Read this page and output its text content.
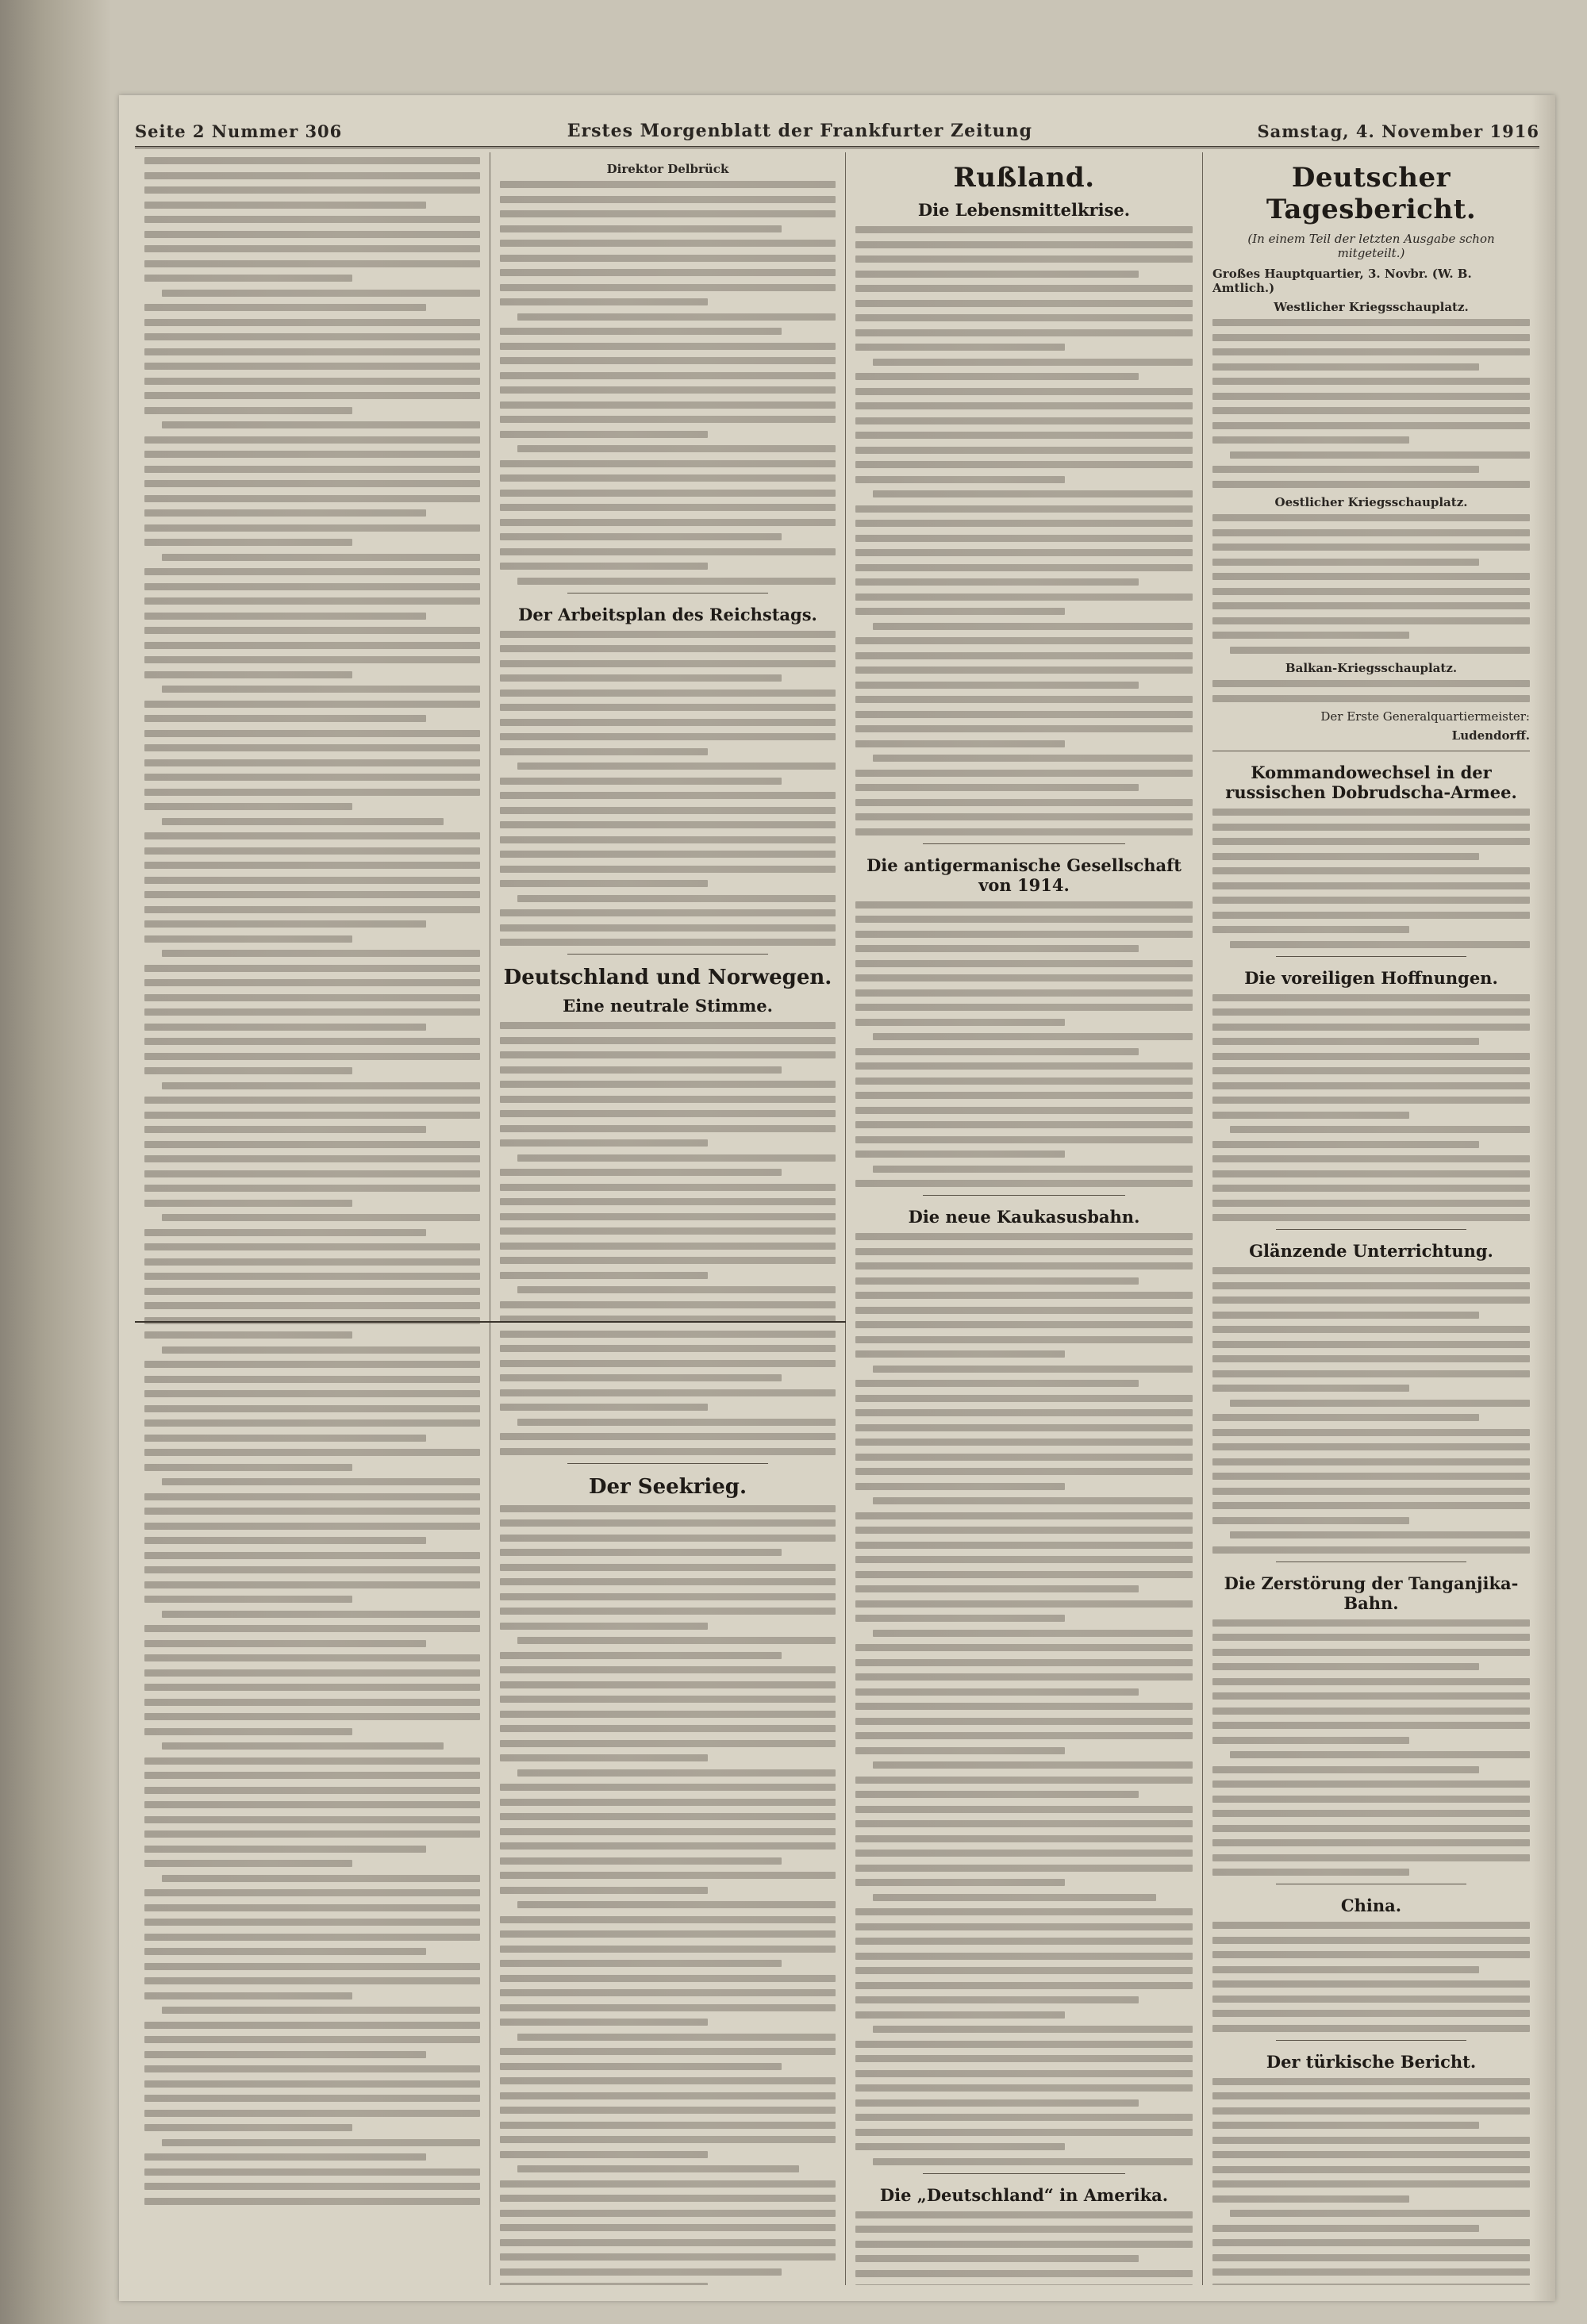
Seite 2 Nummer 306	Erstes Morgenblatt der Frankfurter Zeitung	Samstag, 4. November 1916
Direktor Delbrück
Der Arbeitsplan des Reichstags.
Deutschland und Norwegen.
Eine neutrale Stimme.
Der Seekrieg.
Rußland.
Die Lebensmittelkrise.
Die antigermanische Gesellschaft von 1914.
Die neue Kaukasusbahn.
Die „Deutschland“ in Amerika.
Deutscher Tagesbericht.
(In einem Teil der letzten Ausgabe schon mitgeteilt.)
Großes Hauptquartier, 3. Novbr. (W. B. Amtlich.)
Westlicher Kriegsschauplatz.
Oestlicher Kriegsschauplatz.
Balkan-Kriegsschauplatz.
Der Erste Generalquartiermeister:
Ludendorff.
Kommandowechsel in der russischen Dobrudscha-Armee.
Die voreiligen Hoffnungen.
Glänzende Unterrichtung.
Die Zerstörung der Tanganjika-Bahn.
China.
Der türkische Bericht.
